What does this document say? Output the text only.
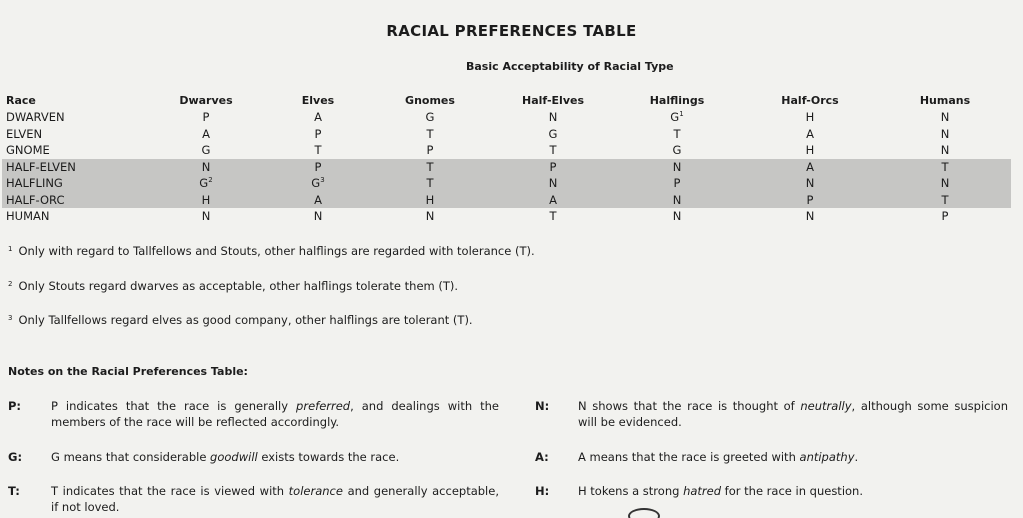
RACIAL PREFERENCES TABLE
Basic Acceptability of Racial Type
Race	Dwarves	Elves	Gnomes	Half-Elves	Halflings	Half-Orcs	Humans
DWARVEN	P	A	G	N	$G^1$	H	N
ELVEN	A	P	T	G	T	A	N
GNOME	G	T	P	T	G	H	N
HALF-ELVEN	N	P	T	P	N	A	T
HALFLING	$G^2$	$G^3$	T	N	P	N	N
HALF-ORC	H	A	H	A	N	P	T
HUMAN	N	N	N	T	N	N	P
$^1$ Only with regard to Tallfellows and Stouts, other halflings are regarded with tolerance (T).
$^2$ Only Stouts regard dwarves as acceptable, other halflings tolerate them (T).
$^3$ Only Tallfellows regard elves as good company, other halflings are tolerant (T).
Notes on the Racial Preferences Table:
P:	P indicates that the race is generally preferred, and dealings with the members of the race will be reflected accordingly.
G:	G means that considerable goodwill exists towards the race.
T:	T indicates that the race is viewed with tolerance and generally acceptable, if not loved.
N:	N shows that the race is thought of neutrally, although some suspicion will be evidenced.
A:	A means that the race is greeted with antipathy.
H:	H tokens a strong hatred for the race in question.
